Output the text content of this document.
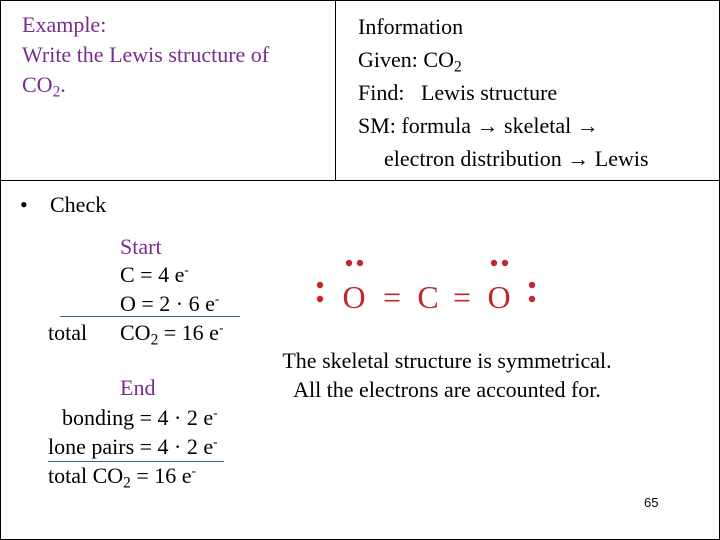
Example:
Write the Lewis structure of
$CO_2$.
Information
Given: $CO_2$
Find:   Lewis structure
SM: formula → skeletal →
electron distribution → Lewis
• Check
Start
C = 4 e-
O = 2 · 6 e-
total $CO_2 = 16$ e-
End
bonding = 4 · 2 e-
lone pairs = 4 · 2 e-
total $CO_2 = 16$ e-
O = C = O
The skeletal structure is symmetrical.
All the electrons are accounted for.
65
